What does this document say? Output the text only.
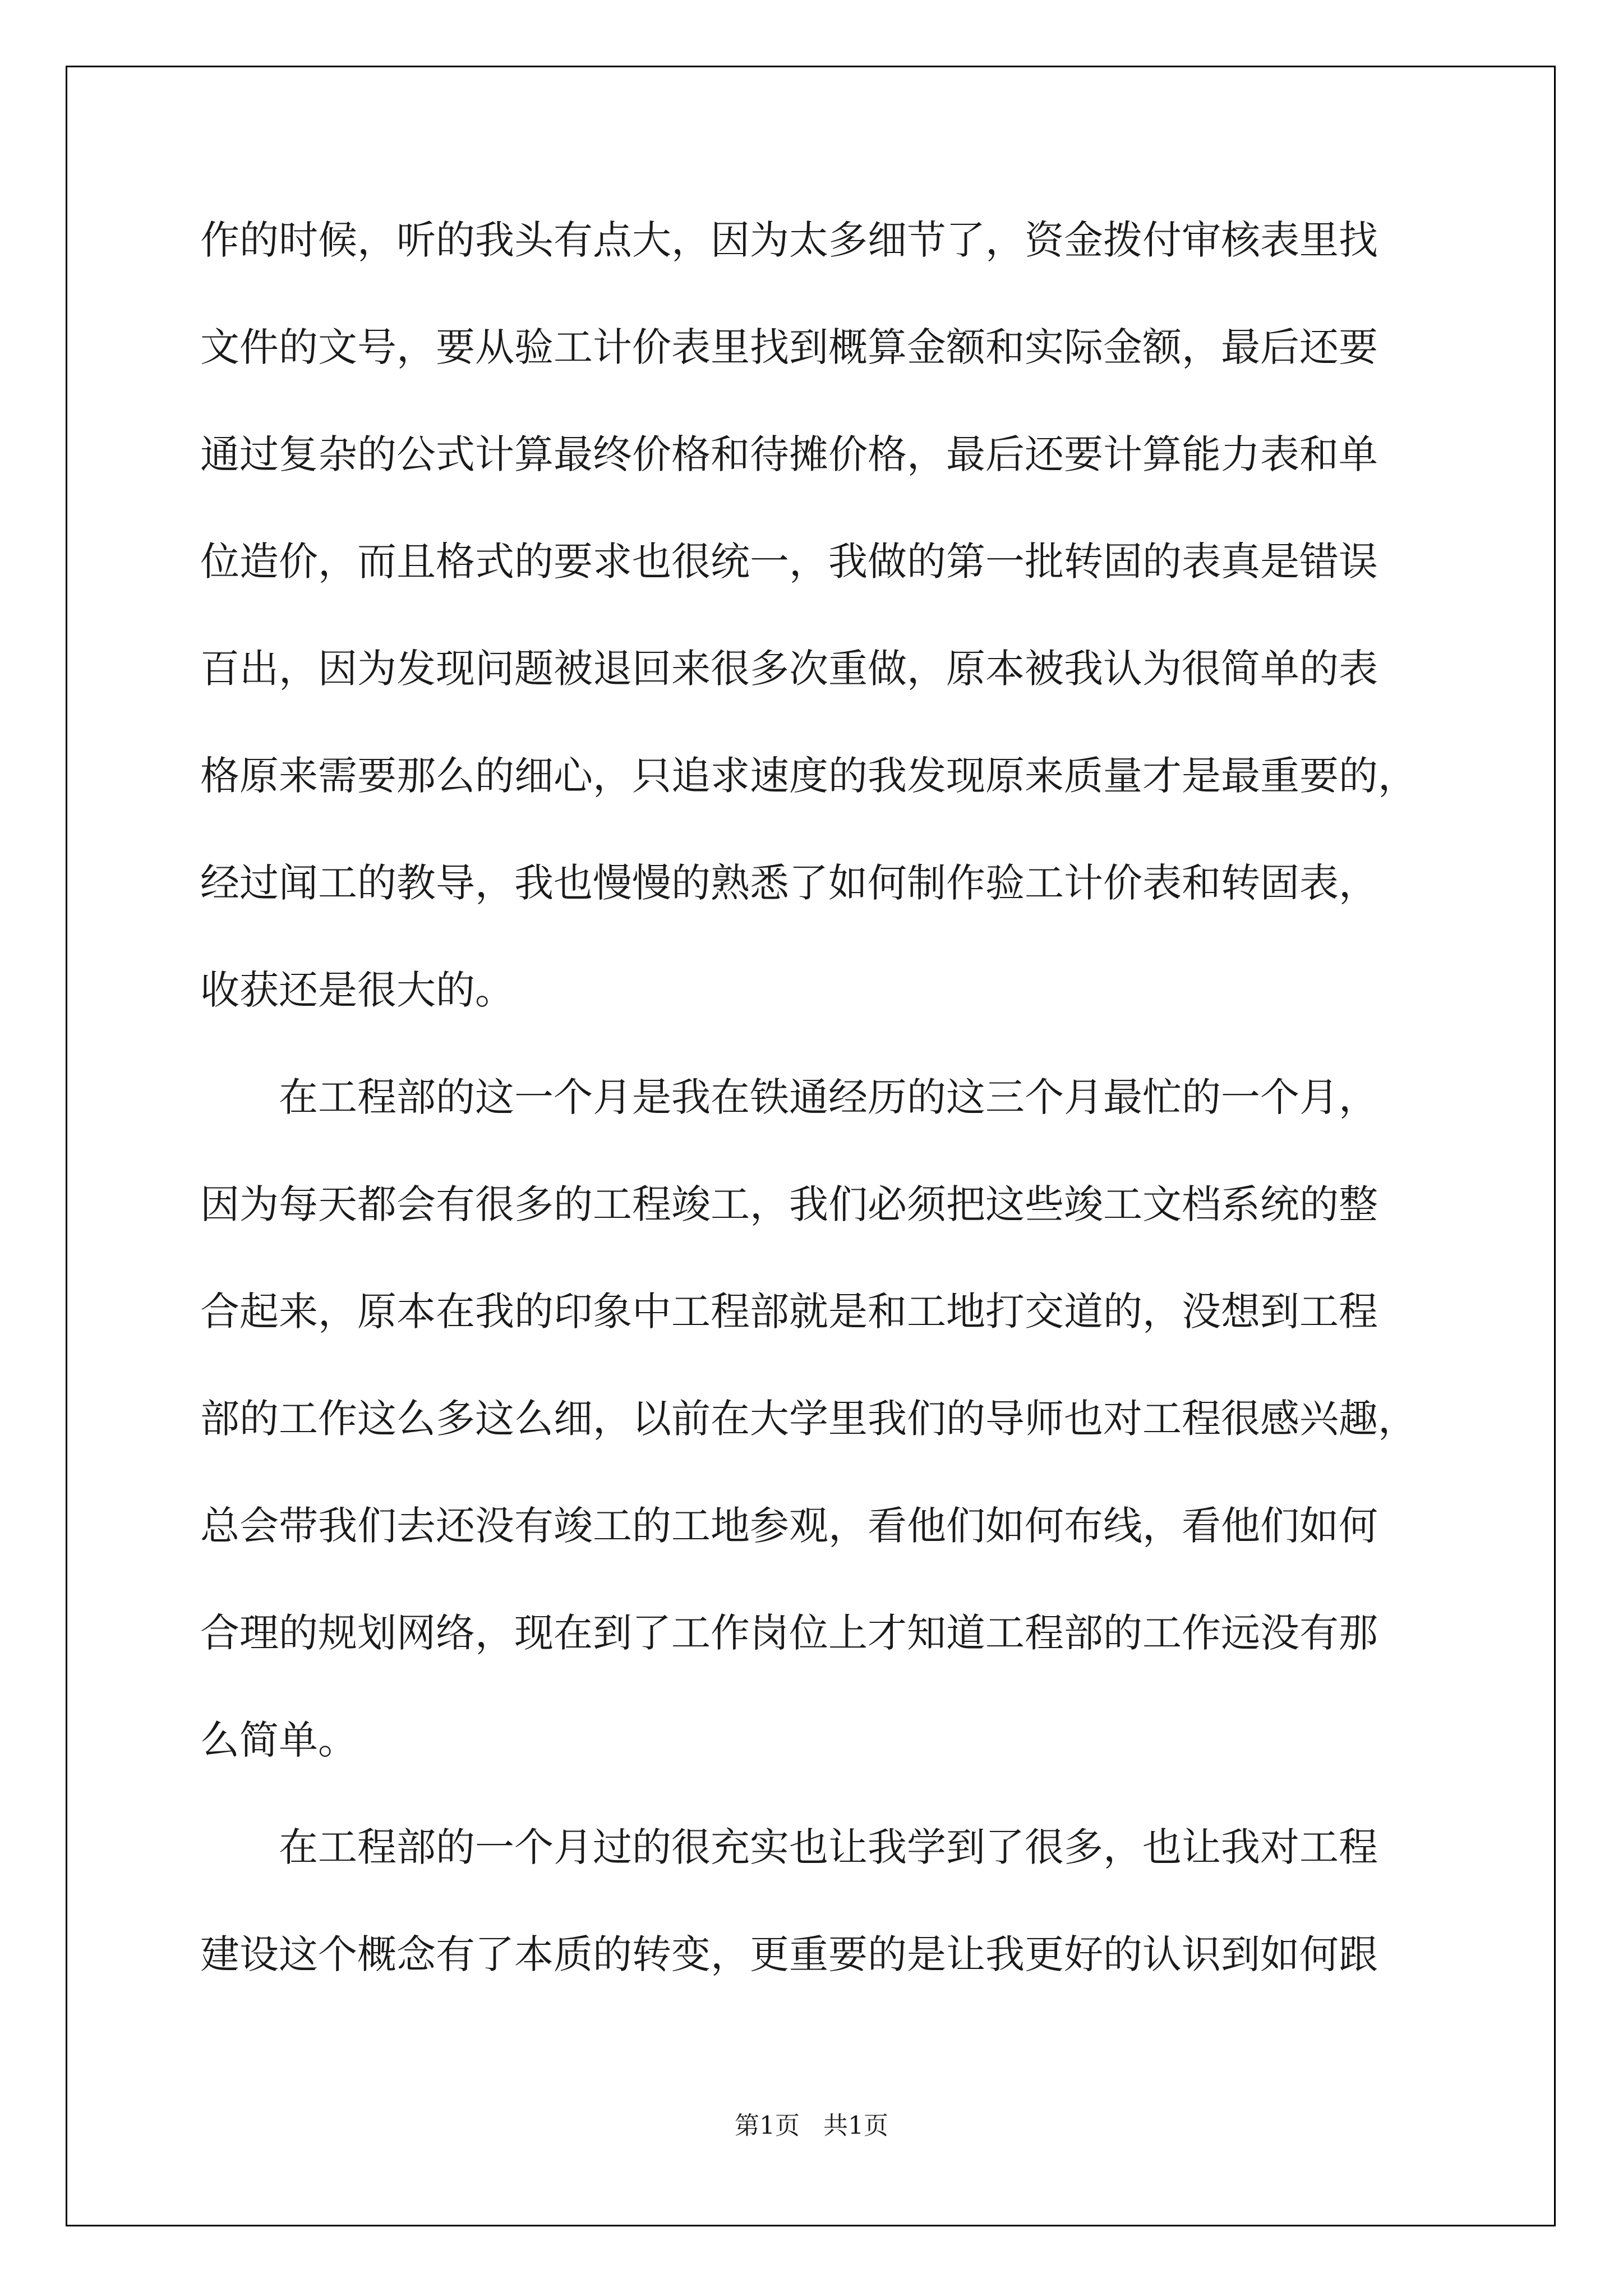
作的时候，听的我头有点大，因为太多细节了，资金拨付审核表里找
文件的文号，要从验工计价表里找到概算金额和实际金额，最后还要
通过复杂的公式计算最终价格和待摊价格，最后还要计算能力表和单
位造价，而且格式的要求也很统一，我做的第一批转固的表真是错误
百出，因为发现问题被退回来很多次重做，原本被我认为很简单的表
格原来需要那么的细心，只追求速度的我发现原来质量才是最重要的，
经过闻工的教导，我也慢慢的熟悉了如何制作验工计价表和转固表，
收获还是很大的。
在工程部的这一个月是我在铁通经历的这三个月最忙的一个月，
因为每天都会有很多的工程竣工，我们必须把这些竣工文档系统的整
合起来，原本在我的印象中工程部就是和工地打交道的，没想到工程
部的工作这么多这么细，以前在大学里我们的导师也对工程很感兴趣，
总会带我们去还没有竣工的工地参观，看他们如何布线，看他们如何
合理的规划网络，现在到了工作岗位上才知道工程部的工作远没有那
么简单。
在工程部的一个月过的很充实也让我学到了很多，也让我对工程
建设这个概念有了本质的转变，更重要的是让我更好的认识到如何跟
第1页   共1页
